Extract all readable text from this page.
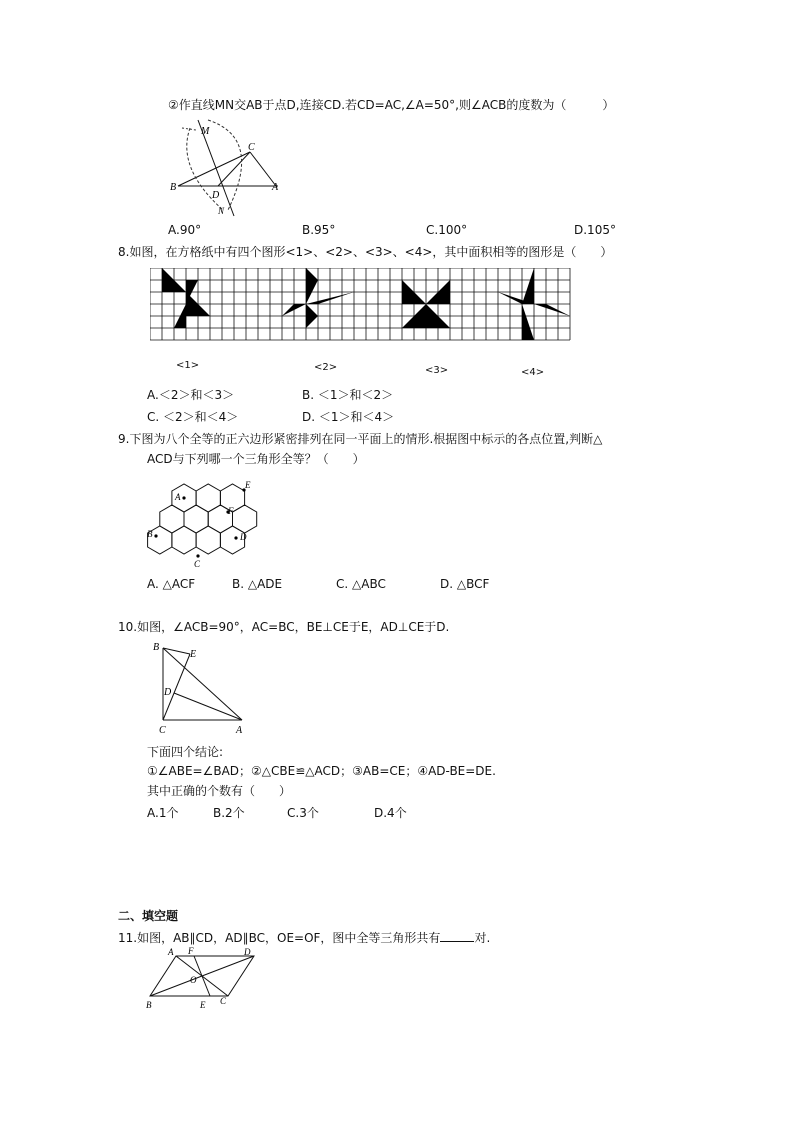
②作直线MN交AB于点D,连接CD.若CD=AC,∠A=50°,则∠ACB的度数为（　　　）
M
C
B
D
A
N
A.90°	B.95°	C.100°	D.105°
8.如图，在方格纸中有四个图形<1>、<2>、<3>、<4>，其中面积相等的图形是（　　）
<1>	<2>	<3>	<4>
A.＜2＞和＜3＞	B. ＜1＞和＜2＞
C. ＜2＞和＜4＞	D. ＜1＞和＜4＞
9.下图为八个全等的正六边形紧密排列在同一平面上的情形.根据图中标示的各点位置,判断△
ACD与下列哪一个三角形全等？（　　）
A
E
F
B	D
C
A. △ACF	B. △ADE	C. △ABC	D. △BCF
10.如图，∠ACB=90°，AC=BC，BE⊥CE于E，AD⊥CE于D.
B
E
D
C	A
下面四个结论:
①∠ABE=∠BAD；②△CBE≌△ACD；③AB=CE；④AD-BE=DE.
其中正确的个数有（　　）
A.1个	B.2个	C.3个	D.4个
二、填空题
11.如图，AB∥CD，AD∥BC，OE=OF，图中全等三角形共有	对.
A F	D
O
B	E C
